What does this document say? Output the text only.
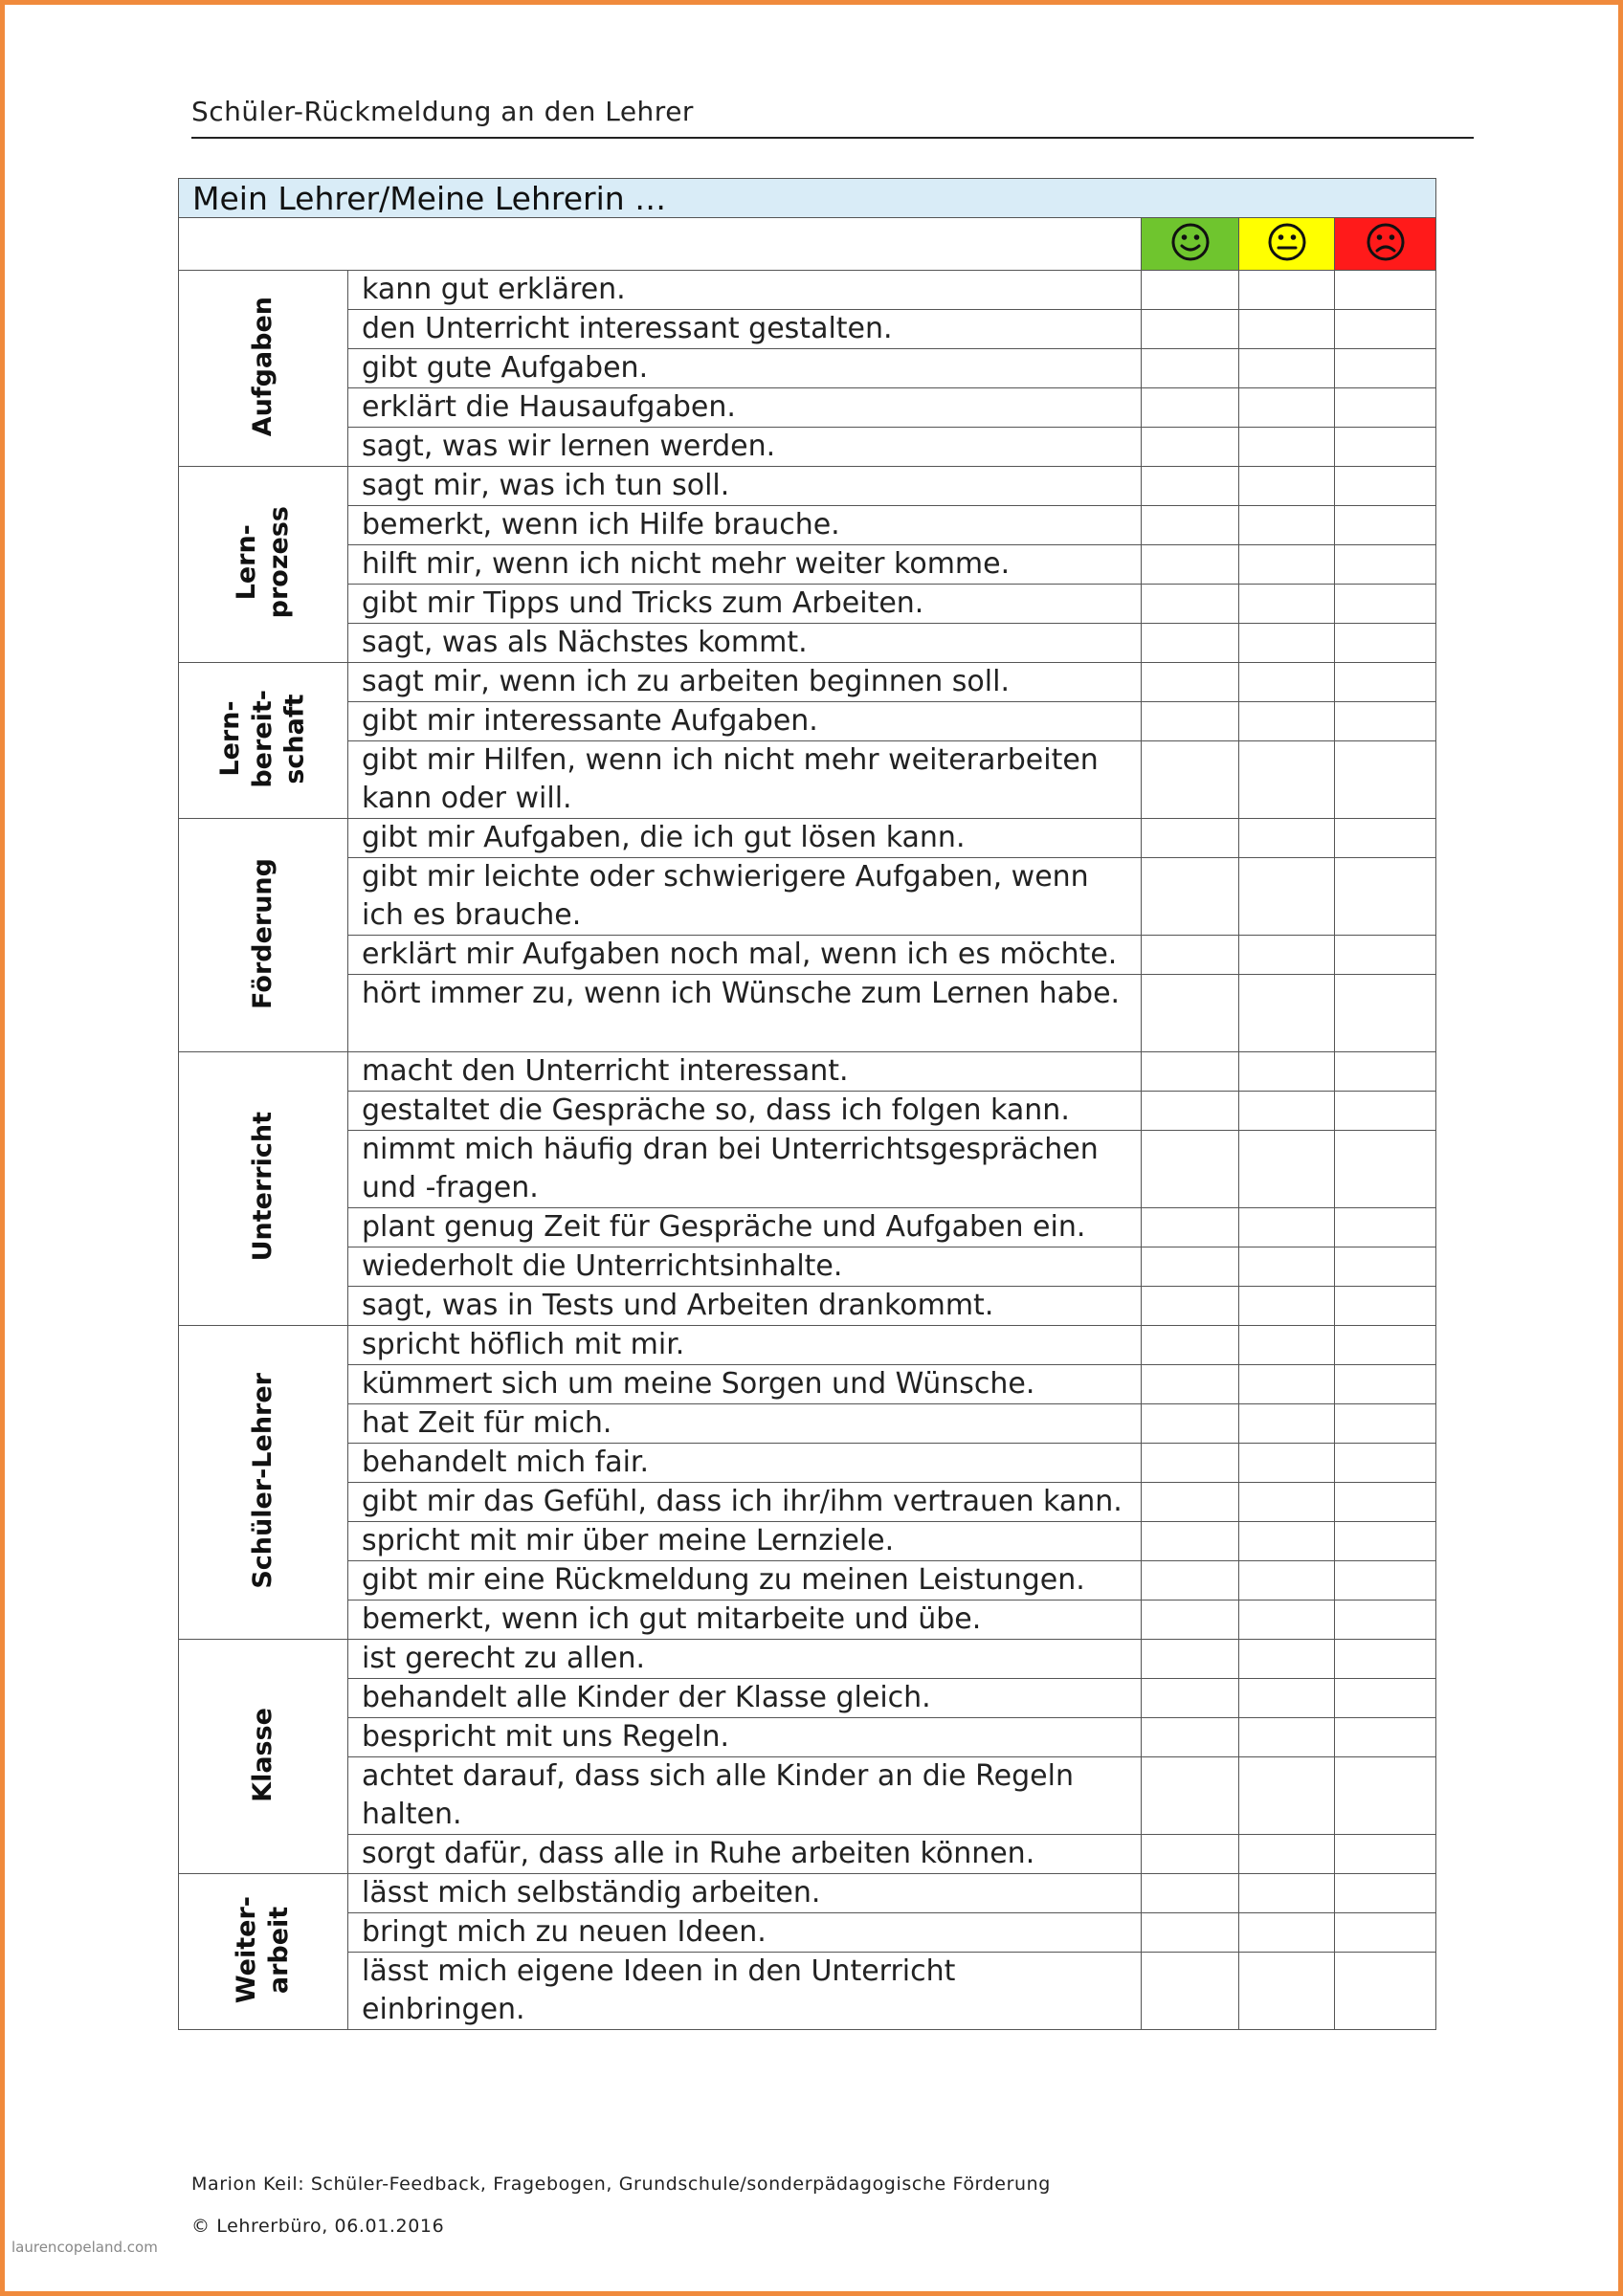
Schüler-Rückmeldung an den Lehrer
Mein Lehrer/Meine Lehrerin …				

Aufgaben	kann gut erklären.			
	den Unterricht interessant gestalten.			
	gibt gute Aufgaben.			
	erklärt die Hausaufgaben.			
	sagt, was wir lernen werden.			
Lern-
prozess	sagt mir, was ich tun soll.			
	bemerkt, wenn ich Hilfe brauche.			
	hilft mir, wenn ich nicht mehr weiter komme.			
	gibt mir Tipps und Tricks zum Arbeiten.			
	sagt, was als Nächstes kommt.			
Lern-
bereit-
schaft	sagt mir, wenn ich zu arbeiten beginnen soll.			
	gibt mir interessante Aufgaben.			
	gibt mir Hilfen, wenn ich nicht mehr weiterarbeiten kann oder will.			
Förderung	gibt mir Aufgaben, die ich gut lösen kann.			
	gibt mir leichte oder schwierigere Aufgaben, wenn ich es brauche.			
	erklärt mir Aufgaben noch mal, wenn ich es möchte.			
	hört immer zu, wenn ich Wünsche zum Lernen habe.			
Unterricht	macht den Unterricht interessant.			
	gestaltet die Gespräche so, dass ich folgen kann.			
	nimmt mich häufig dran bei Unterrichtsgesprächen und -fragen.			
	plant genug Zeit für Gespräche und Aufgaben ein.			
	wiederholt die Unterrichtsinhalte.			
	sagt, was in Tests und Arbeiten drankommt.			
Schüler-Lehrer	spricht höflich mit mir.			
	kümmert sich um meine Sorgen und Wünsche.			
	hat Zeit für mich.			
	behandelt mich fair.			
	gibt mir das Gefühl, dass ich ihr/ihm vertrauen kann.			
	spricht mit mir über meine Lernziele.			
	gibt mir eine Rückmeldung zu meinen Leistungen.			
	bemerkt, wenn ich gut mitarbeite und übe.			
Klasse	ist gerecht zu allen.			
	behandelt alle Kinder der Klasse gleich.			
	bespricht mit uns Regeln.			
	achtet darauf, dass sich alle Kinder an die Regeln halten.			
	sorgt dafür, dass alle in Ruhe arbeiten können.			
Weiter-
arbeit	lässt mich selbständig arbeiten.			
	bringt mich zu neuen Ideen.			
	lässt mich eigene Ideen in den Unterricht einbringen.			
Marion Keil: Schüler-Feedback, Fragebogen, Grundschule/sonderpädagogische Förderung
© Lehrerbüro, 06.01.2016
laurencopeland.com
